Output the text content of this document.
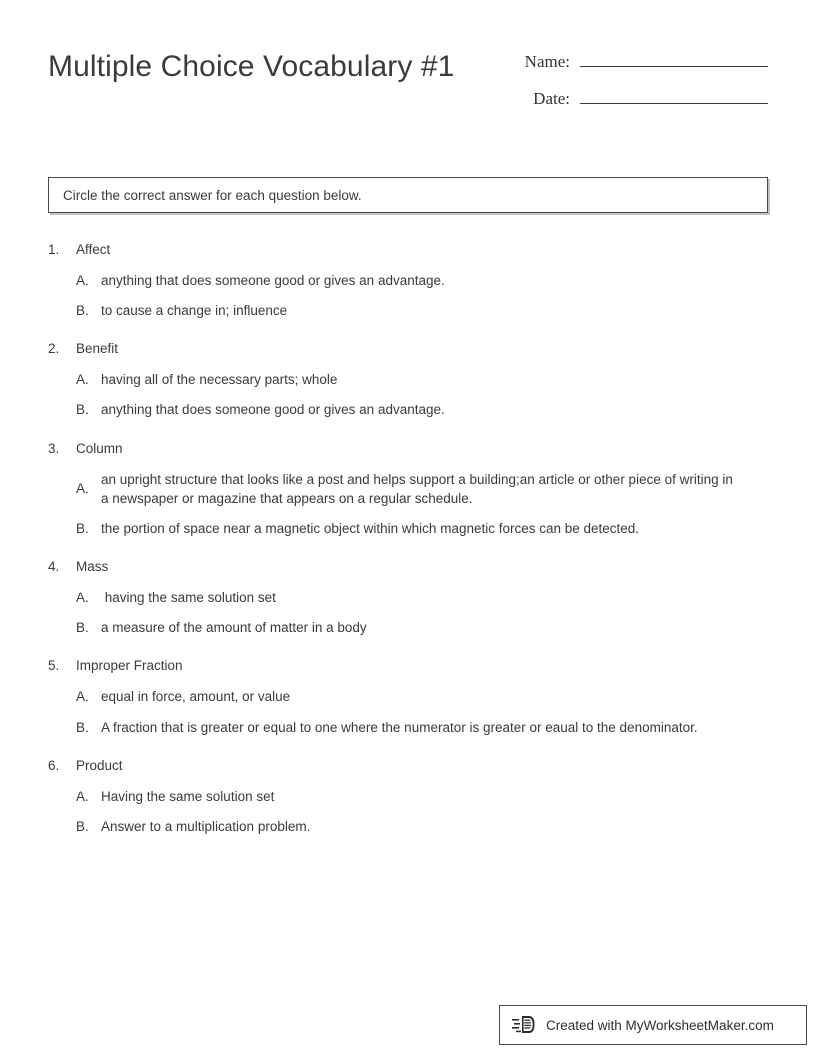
Multiple Choice Vocabulary #1	Name:
Date:
Circle the correct answer for each question below.
1.	Affect
A. anything that does someone good or gives an advantage.
B. to cause a change in; influence
2.	Benefit
A. having all of the necessary parts; whole
B. anything that does someone good or gives an advantage.
3.	Column
A.
an upright structure that looks like a post and helps support a building;an article or other piece of writing in a newspaper or magazine that appears on a regular schedule.
B. the portion of space near a magnetic object within which magnetic forces can be detected.
4.	Mass
A. having the same solution set
B. a measure of the amount of matter in a body
5.	Improper Fraction
A. equal in force, amount, or value
B. A fraction that is greater or equal to one where the numerator is greater or eaual to the denominator.
6.	Product
A. Having the same solution set
B. Answer to a multiplication problem.
Created with MyWorksheetMaker.com
